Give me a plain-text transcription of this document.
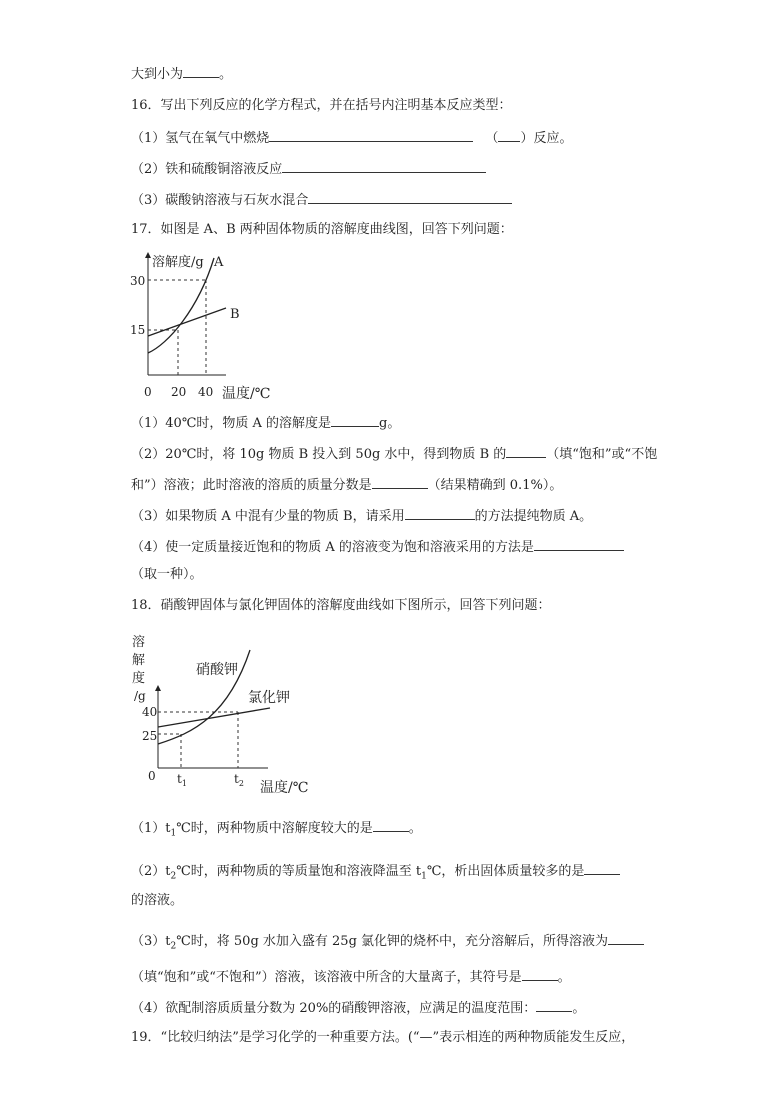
大到小为	。
16．写出下列反应的化学方程式，并在括号内注明基本反应类型：
（1）氢气在氧气中燃烧	（ ）反应。
（2）铁和硫酸铜溶液反应
（3）碳酸钠溶液与石灰水混合
17．如图是 A、B 两种固体物质的溶解度曲线图，回答下列问题：
溶解度/g A
B
30
15
0 20 40 温度/℃
（1）40℃时，物质 A 的溶解度是	g。
（2）20℃时，将 10g 物质 B 投入到 50g 水中，得到物质 B 的	（填“饱和”或“不饱
和”）溶液；此时溶液的溶质的质量分数是	（结果精确到 0.1%）。
（3）如果物质 A 中混有少量的物质 B，请采用	的方法提纯物质 A。
（4）使一定质量接近饱和的物质 A 的溶液变为饱和溶液采用的方法是
（取一种）。
18．硝酸钾固体与氯化钾固体的溶解度曲线如下图所示，回答下列问题：
溶
解
度
/g
硝酸钾
氯化钾
40
25
0 $t_1$	$t_2$ 温度/℃
$(1)t_1℃$时，两种物质中溶解度较大的是	。
$(2)t_2℃$时，两种物质的等质量饱和溶液降温至 $t_1℃$，析出固体质量较多的是
的溶液。
$(3)t_2℃$时，将 50g 水加入盛有 25g 氯化钾的烧杯中，充分溶解后，所得溶液为
（填“饱和”或“不饱和”）溶液，该溶液中所含的大量离子，其符号是	。
（4）欲配制溶质质量分数为 20%的硝酸钾溶液，应满足的温度范围：	。
19．“比较归纳法”是学习化学的一种重要方法。(“—”表示相连的两种物质能发生反应，
